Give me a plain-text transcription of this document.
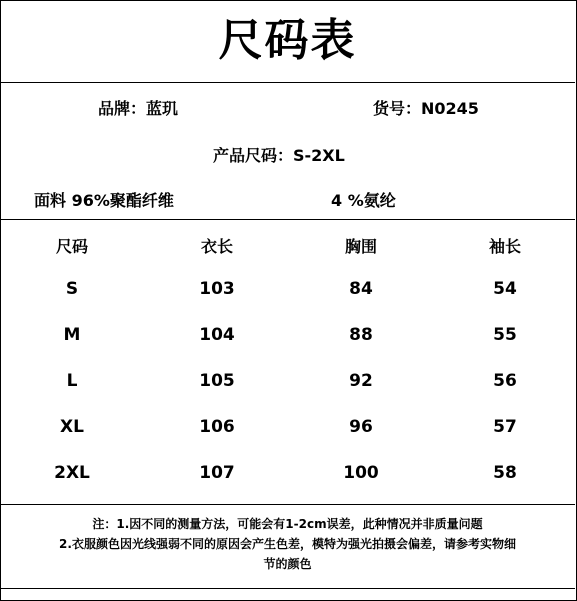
尺码表
品牌：蓝玑	货号：N0245
产品尺码：S-2XL
面料 96%聚酯纤维	4 %氨纶
尺码	衣长	胸围	袖长
S	103	84	54
M	104	88	55
L	105	92	56
XL	106	96	57
2XL	107	100	58
注：1.因不同的测量方法，可能会有1-2cm误差，此种情况并非质量问题
2.衣服颜色因光线强弱不同的原因会产生色差，模特为强光拍摄会偏差，请参考实物细
节的颜色
